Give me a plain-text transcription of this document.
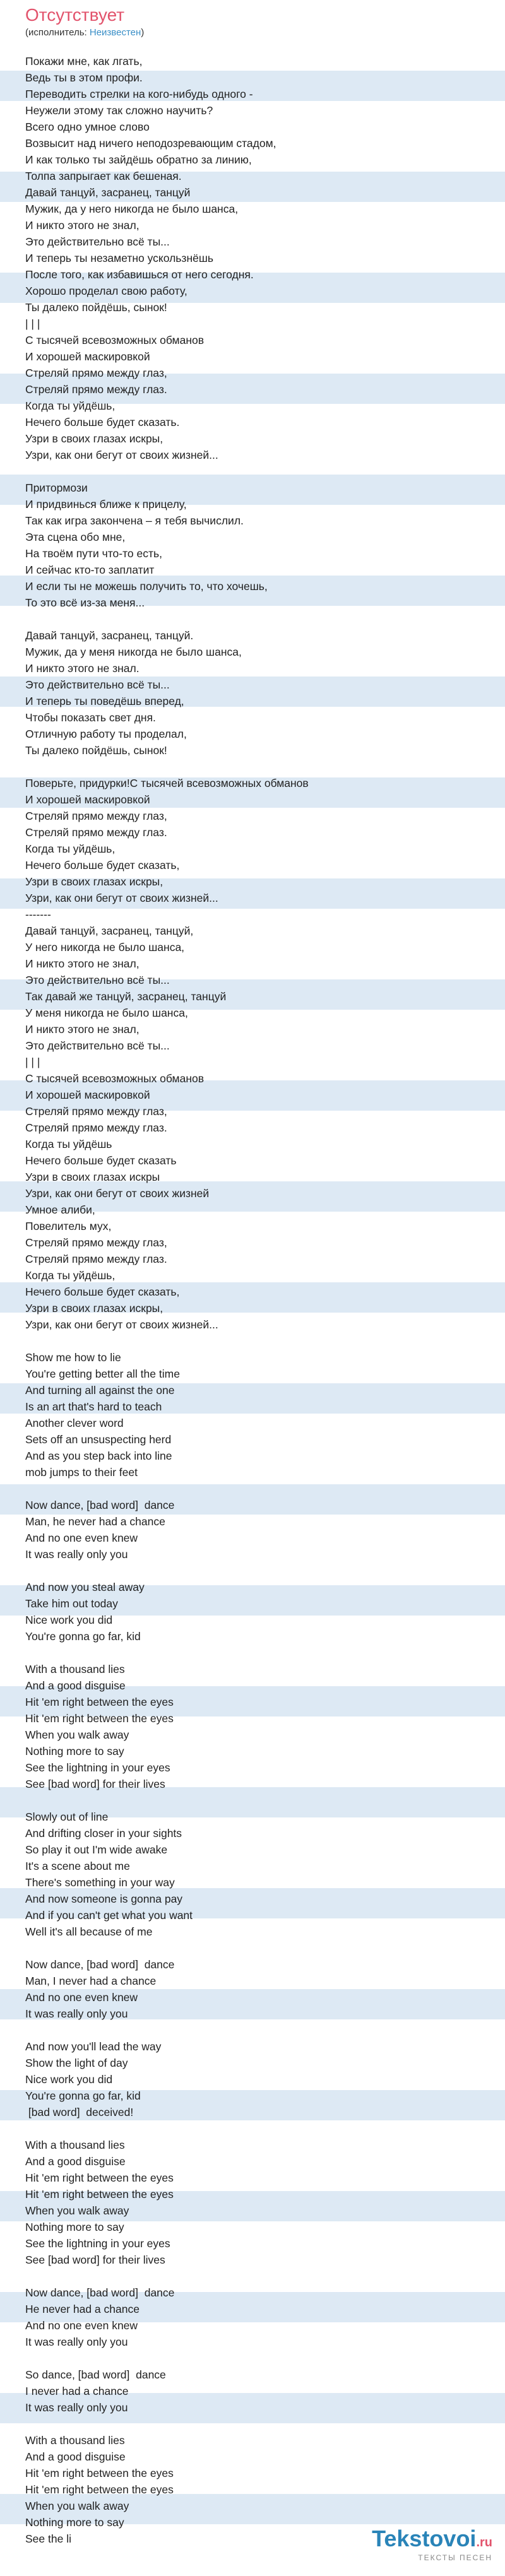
Отсутствует
(исполнитель: Неизвестен)
Покажи мне, как лгать,
Ведь ты в этом профи.
Переводить стрелки на кого-нибудь одного -
Неужели этому так сложно научить?
Всего одно умное слово
Возвысит над ничего неподозревающим стадом,
И как только ты зайдёшь обратно за линию,
Толпа запрыгает как бешеная.
Давай танцуй, засранец, танцуй
Мужик, да у него никогда не было шанса,
И никто этого не знал,
Это действительно всё ты...
И теперь ты незаметно ускользнёшь
После того, как избавишься от него сегодня.
Хорошо проделал свою работу,
Ты далеко пойдёшь, сынок!
| | |
С тысячей всевозможных обманов
И хорошей маскировкой
Стреляй прямо между глаз,
Стреляй прямо между глаз.
Когда ты уйдёшь,
Нечего больше будет сказать.
Узри в своих глазах искры,
Узри, как они бегут от своих жизней...
Притормози
И придвинься ближе к прицелу,
Так как игра закончена – я тебя вычислил.
Эта сцена обо мне,
На твоём пути что-то есть,
И сейчас кто-то заплатит
И если ты не можешь получить то, что хочешь,
То это всё из-за меня...
Давай танцуй, засранец, танцуй.
Мужик, да у меня никогда не было шанса,
И никто этого не знал.
Это действительно всё ты...
И теперь ты поведёшь вперед,
Чтобы показать свет дня.
Отличную работу ты проделал,
Ты далеко пойдёшь, сынок!
Поверьте, придурки!С тысячей всевозможных обманов
И хорошей маскировкой
Стреляй прямо между глаз,
Стреляй прямо между глаз.
Когда ты уйдёшь,
Нечего больше будет сказать,
Узри в своих глазах искры,
Узри, как они бегут от своих жизней...
-------
Давай танцуй, засранец, танцуй,
У него никогда не было шанса,
И никто этого не знал,
Это действительно всё ты...
Так давай же танцуй, засранец, танцуй
У меня никогда не было шанса,
И никто этого не знал,
Это действительно всё ты...
| | |
С тысячей всевозможных обманов
И хорошей маскировкой
Стреляй прямо между глаз,
Стреляй прямо между глаз.
Когда ты уйдёшь
Нечего больше будет сказать
Узри в своих глазах искры
Узри, как они бегут от своих жизней
Умное алиби,
Повелитель мух,
Стреляй прямо между глаз,
Стреляй прямо между глаз.
Когда ты уйдёшь,
Нечего больше будет сказать,
Узри в своих глазах искры,
Узри, как они бегут от своих жизней...
Show me how to lie
You're getting better all the time
And turning all against the one
Is an art that's hard to teach
Another clever word
Sets off an unsuspecting herd
And as you step back into line
mob jumps to their feet
Now dance, [bad word]  dance
Man, he never had a chance
And no one even knew
It was really only you
And now you steal away
Take him out today
Nice work you did
You're gonna go far, kid
With a thousand lies
And a good disguise
Hit 'em right between the eyes
Hit 'em right between the eyes
When you walk away
Nothing more to say
See the lightning in your eyes
See [bad word] for their lives
Slowly out of line
And drifting closer in your sights
So play it out I'm wide awake
It's a scene about me
There's something in your way
And now someone is gonna pay
And if you can't get what you want
Well it's all because of me
Now dance, [bad word]  dance
Man, I never had a chance
And no one even knew
It was really only you
And now you'll lead the way
Show the light of day
Nice work you did
You're gonna go far, kid
[bad word]  deceived!
With a thousand lies
And a good disguise
Hit 'em right between the eyes
Hit 'em right between the eyes
When you walk away
Nothing more to say
See the lightning in your eyes
See [bad word] for their lives
Now dance, [bad word]  dance
He never had a chance
And no one even knew
It was really only you
So dance, [bad word]  dance
I never had a chance
It was really only you
With a thousand lies
And a good disguise
Hit 'em right between the eyes
Hit 'em right between the eyes
When you walk away
Nothing more to say
See the li	Tekstovoi.ru
ТЕКСТЫ ПЕСЕН
